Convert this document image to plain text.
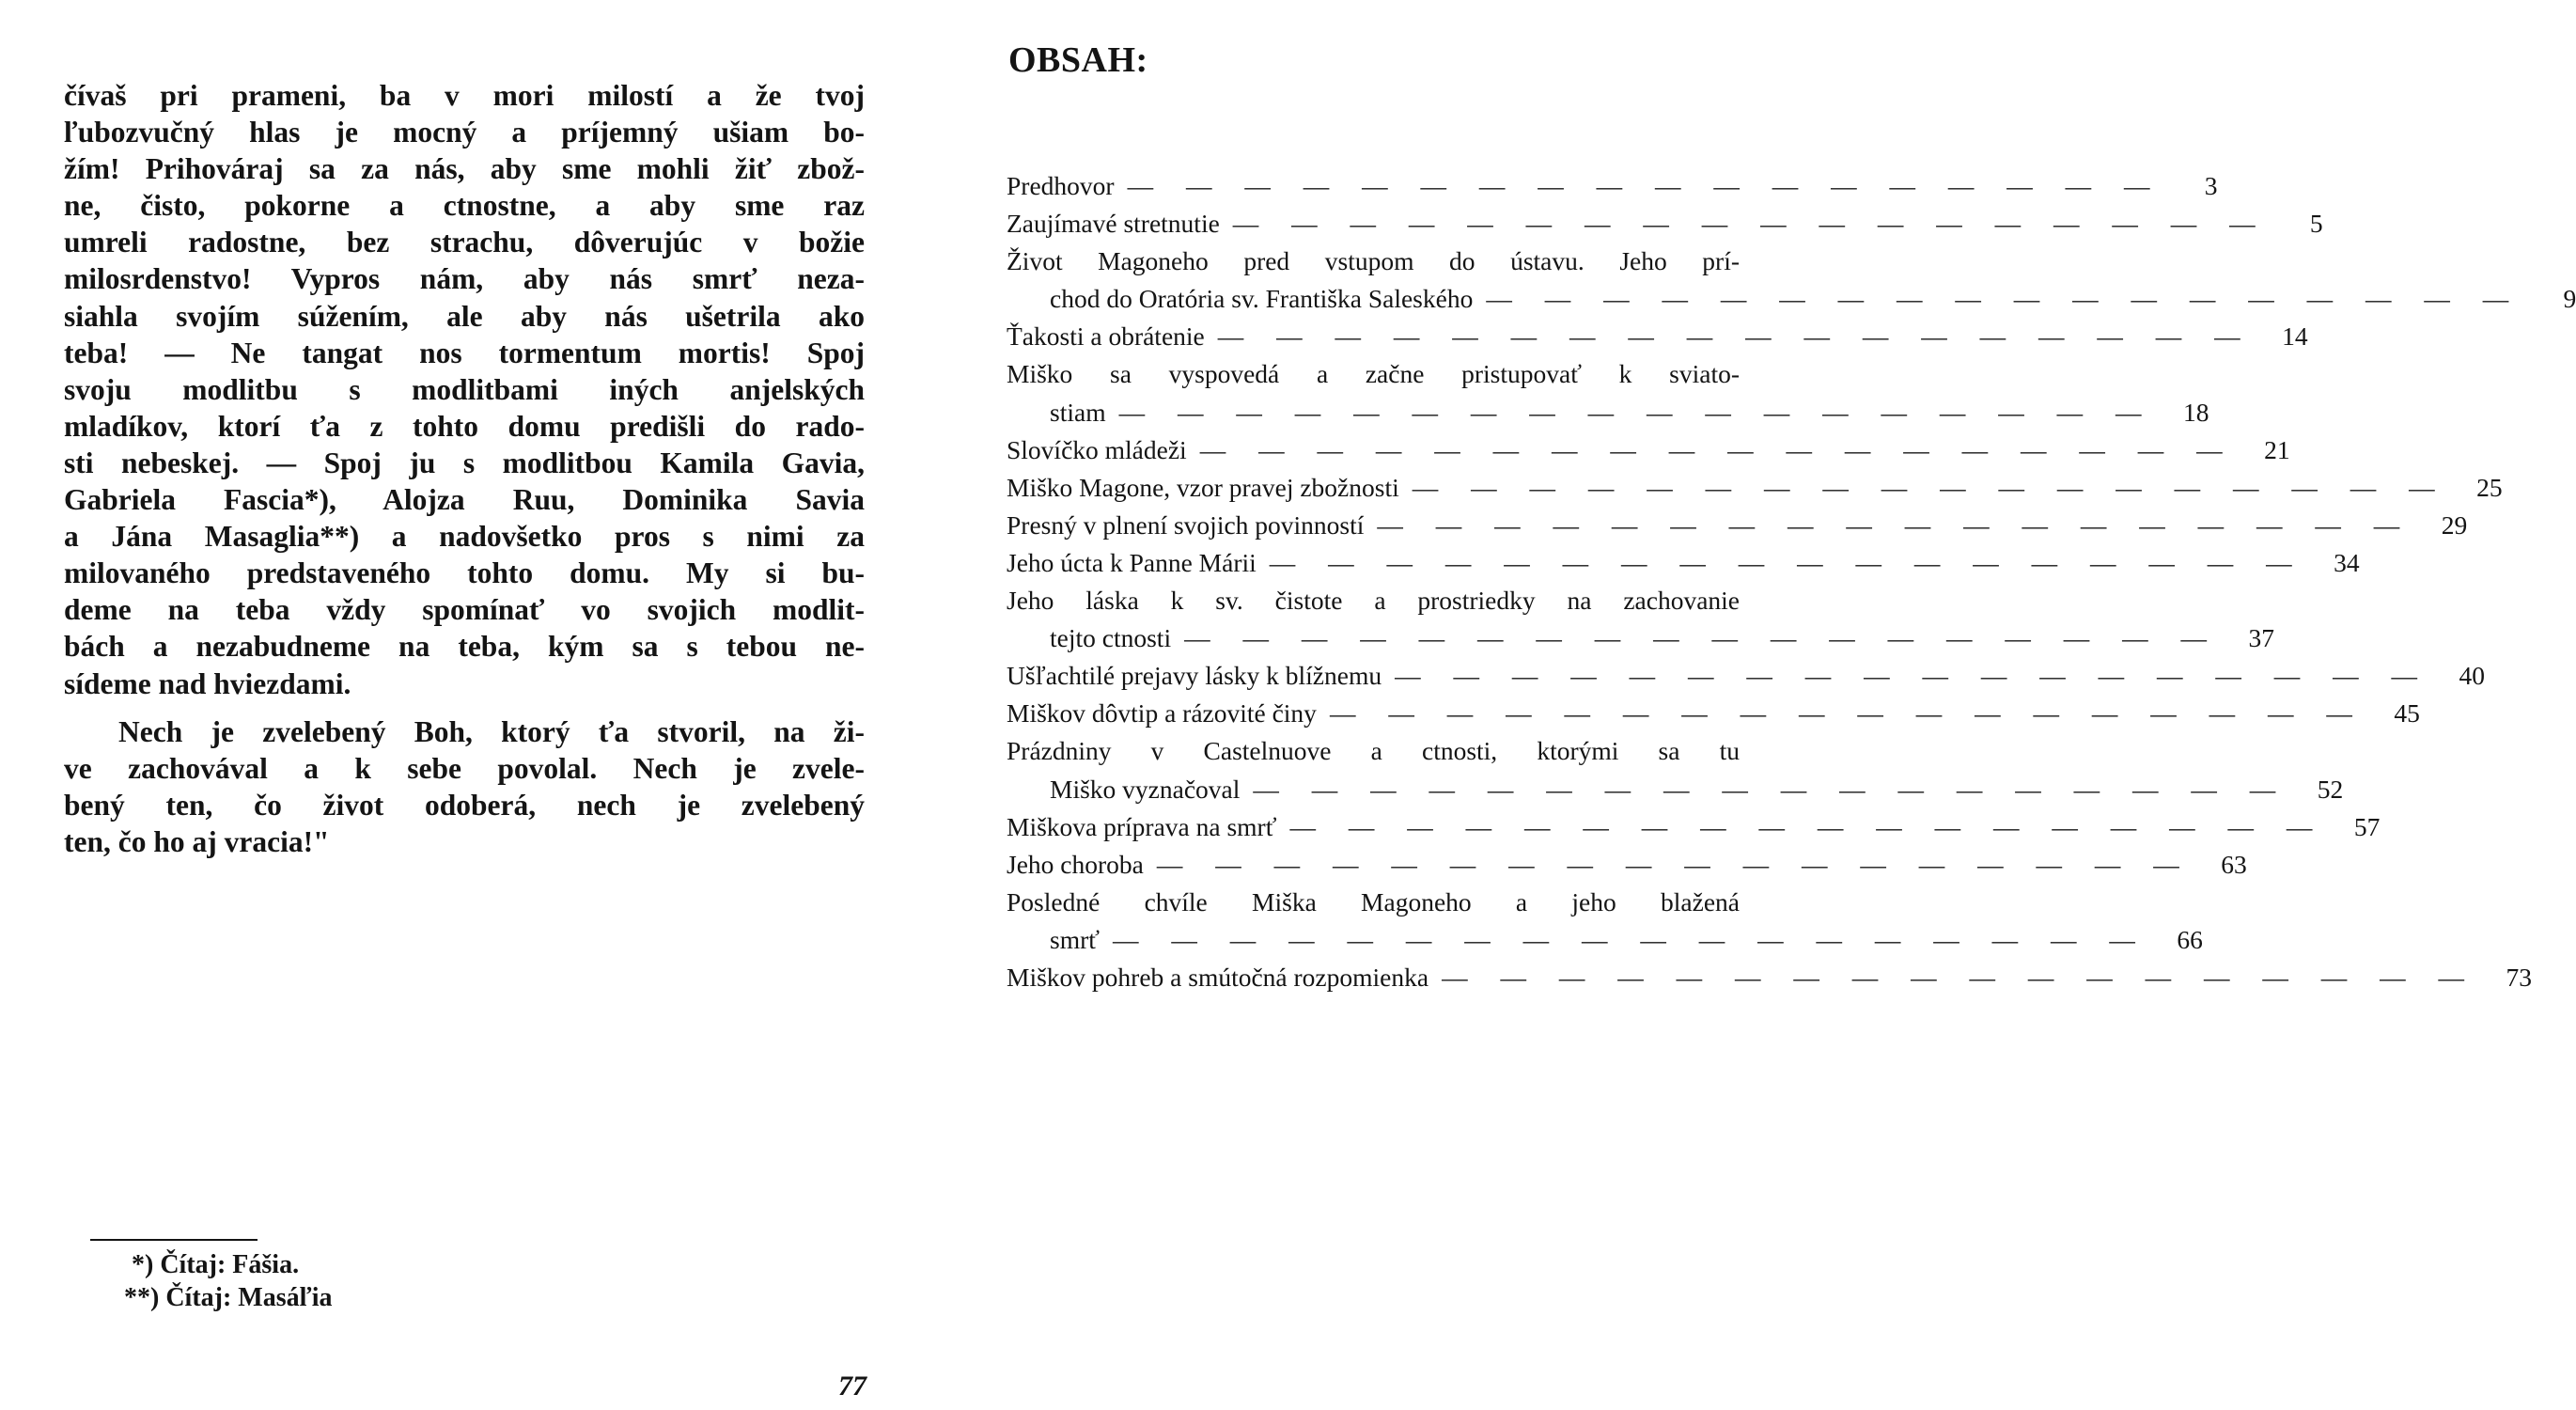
čívaš pri prameni, ba v mori milostí a že tvoj
ľubozvučný hlas je mocný a príjemný ušiam bo-
žím! Prihováraj sa za nás, aby sme mohli žiť zbož-
ne, čisto, pokorne a ctnostne, a aby sme raz
umreli radostne, bez strachu, dôverujúc v božie
milosrdenstvo! Vypros nám, aby nás smrť neza-
siahla svojím súžením, ale aby nás ušetrila ako
teba! — Ne tangat nos tormentum mortis! Spoj
svoju modlitbu s modlitbami iných anjelských
mladíkov, ktorí ťa z tohto domu predišli do rado-
sti nebeskej. — Spoj ju s modlitbou Kamila Gavia,
Gabriela Fascia*), Alojza Ruu, Dominika Savia
a Jána Masaglia**) a nadovšetko pros s nimi za
milovaného predstaveného tohto domu. My si bu-
deme na teba vždy spomínať vo svojich modlit-
bách a nezabudneme na teba, kým sa s tebou ne-
sídeme nad hviezdami.
Nech je zvelebený Boh, ktorý ťa stvoril, na ži-
ve zachovával a k sebe povolal. Nech je zvele-
bený ten, čo život odoberá, nech je zvelebený
ten, čo ho aj vracia!"
*) Čítaj: Fášia.
**) Čítaj: Masáľia
77
OBSAH:
Predhovor — — — — — — — — — — — — — — — — — —	3
Zaujímavé stretnutie — — — — — — — — — — — — — — — — — —	5
Život Magoneho pred vstupom do ústavu. Jeho prí-
chod do Oratória sv. Františka Saleského — — — — — — — — — — — — — — — — — —	9
Ťakosti a obrátenie — — — — — — — — — — — — — — — — — —	14
Miško sa vyspovedá a začne pristupovať k sviato-
stiam — — — — — — — — — — — — — — — — — —	18
Slovíčko mládeži — — — — — — — — — — — — — — — — — —	21
Miško Magone, vzor pravej zbožnosti — — — — — — — — — — — — — — — — — —	25
Presný v plnení svojich povinností — — — — — — — — — — — — — — — — — —	29
Jeho úcta k Panne Márii — — — — — — — — — — — — — — — — — —	34
Jeho láska k sv. čistote a prostriedky na zachovanie
tejto ctnosti — — — — — — — — — — — — — — — — — —	37
Ušľachtilé prejavy lásky k blížnemu — — — — — — — — — — — — — — — — — —	40
Miškov dôvtip a rázovité činy — — — — — — — — — — — — — — — — — —	45
Prázdniny v Castelnuove a ctnosti, ktorými sa tu
Miško vyznačoval — — — — — — — — — — — — — — — — — —	52
Miškova príprava na smrť — — — — — — — — — — — — — — — — — —	57
Jeho choroba — — — — — — — — — — — — — — — — — —	63
Posledné chvíle Miška Magoneho a jeho blažená
smrť — — — — — — — — — — — — — — — — — —	66
Miškov pohreb a smútočná rozpomienka — — — — — — — — — — — — — — — — — —	73
